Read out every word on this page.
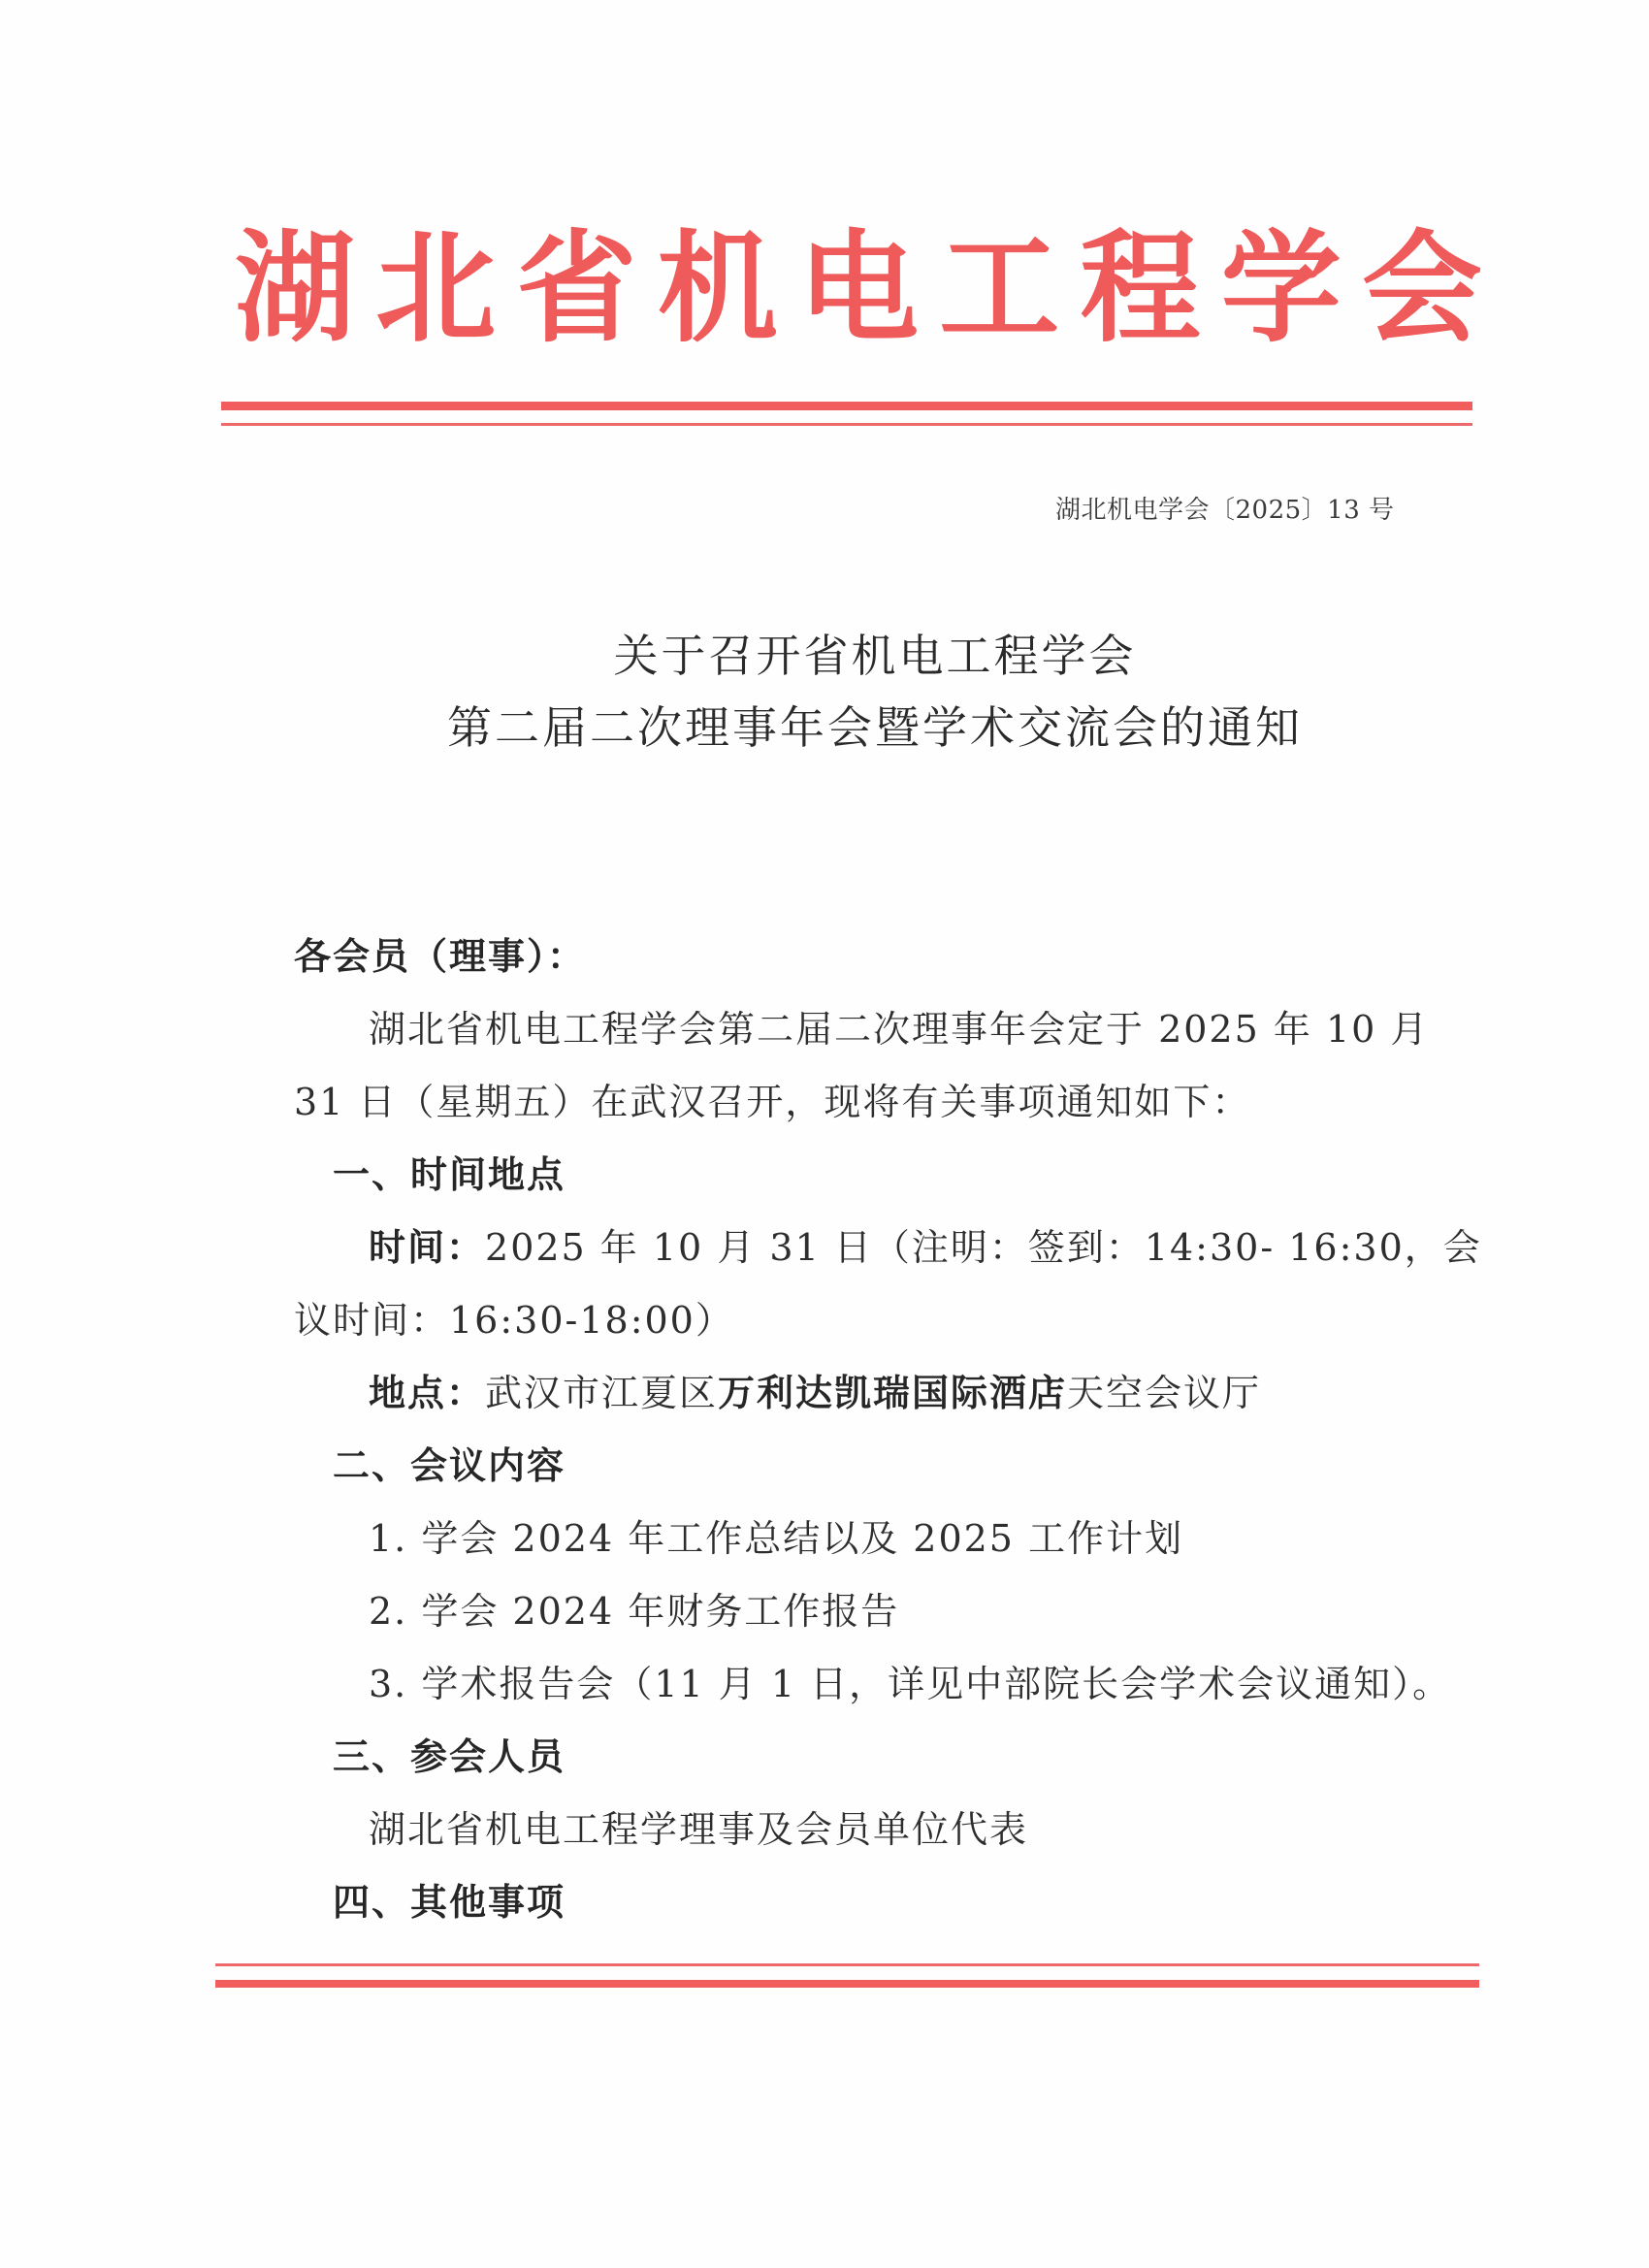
湖 北 省 机 电 工 程 学 会
湖北机电学会〔2025〕13 号
关于召开省机电工程学会
第二届二次理事年会暨学术交流会的通知
各会员（理事）：
湖北省机电工程学会第二届二次理事年会定于 2025 年 10 月
31 日（星期五）在武汉召开，现将有关事项通知如下：
一、时间地点
时间：2025 年 10 月 31 日（注明：签到：14:30- 16:30，会
议时间：16:30-18:00）
地点：武汉市江夏区万利达凯瑞国际酒店天空会议厅
二、会议内容
1. 学会 2024 年工作总结以及 2025 工作计划
2. 学会 2024 年财务工作报告
3. 学术报告会（11 月 1 日，详见中部院长会学术会议通知）。
三、参会人员
湖北省机电工程学理事及会员单位代表
四、其他事项
